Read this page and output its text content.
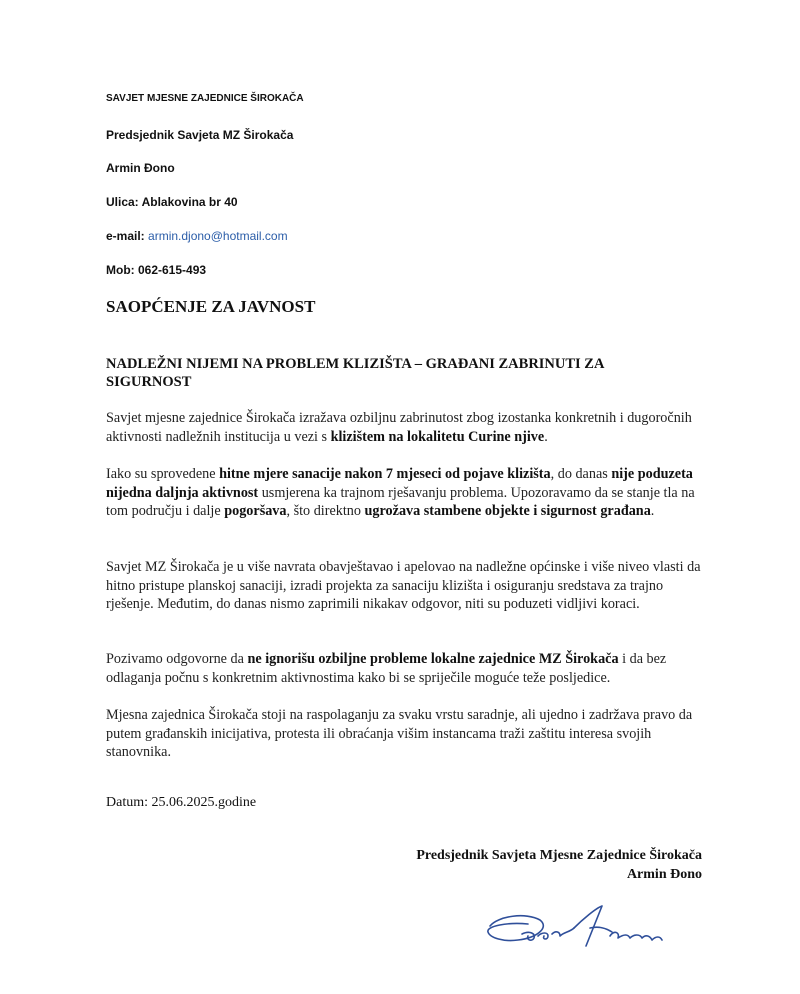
SAVJET MJESNE ZAJEDNICE ŠIROKAČA
Predsjednik Savjeta MZ Širokača
Armin Đono
Ulica: Ablakovina br 40
e-mail: armin.djono@hotmail.com
Mob: 062-615-493
SAOPĆENJE ZA JAVNOST
NADLEŽNI NIJEMI NA PROBLEM KLIZIŠTA – GRAĐANI ZABRINUTI ZA SIGURNOST
Savjet mjesne zajednice Širokača izražava ozbiljnu zabrinutost zbog izostanka konkretnih i dugoročnih aktivnosti nadležnih institucija u vezi s klizištem na lokalitetu Curine njive.
Iako su sprovedene hitne mjere sanacije nakon 7 mjeseci od pojave klizišta, do danas nije poduzeta nijedna daljnja aktivnost usmjerena ka trajnom rješavanju problema. Upozoravamo da se stanje tla na tom području i dalje pogoršava, što direktno ugrožava stambene objekte i sigurnost građana.
Savjet MZ Širokača je u više navrata obavještavao i apelovao na nadležne općinske i više niveo vlasti da hitno pristupe planskoj sanaciji, izradi projekta za sanaciju klizišta i osiguranju sredstava za trajno rješenje. Međutim, do danas nismo zaprimili nikakav odgovor, niti su poduzeti vidljivi koraci.
Pozivamo odgovorne da ne ignorišu ozbiljne probleme lokalne zajednice MZ Širokača i da bez odlaganja počnu s konkretnim aktivnostima kako bi se spriječile moguće teže posljedice.
Mjesna zajednica Širokača stoji na raspolaganju za svaku vrstu saradnje, ali ujedno i zadržava pravo da putem građanskih inicijativa, protesta ili obraćanja višim instancama traži zaštitu interesa svojih stanovnika.
Datum: 25.06.2025.godine
Predsjednik Savjeta Mjesne Zajednice Širokača
Armin Đono
